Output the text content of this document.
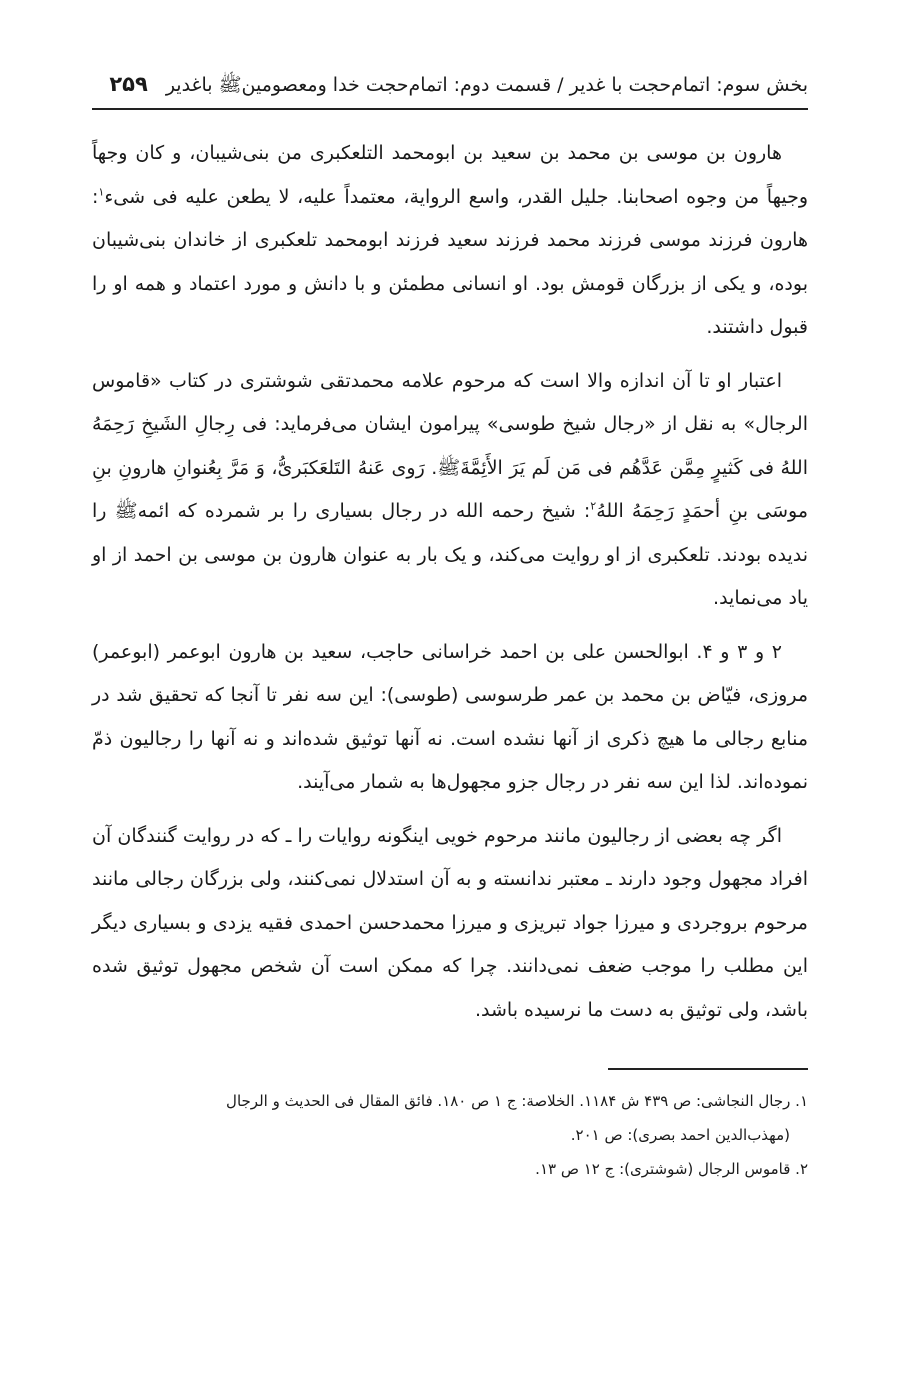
بخش سوم: اتمام‌حجت با غدیر / قسمت دوم: اتمام‌حجت خدا ومعصومین‌ﷺ باغدیر
۲۵۹

هارون بن موسی بن محمد بن سعید بن ابومحمد التلعکبری من بنی‌شیبان، و کان وجهاً وجیهاً من وجوه اصحابنا. جلیل القدر، واسع الروایة، معتمداً علیه، لا یطعن علیه فی شیء$^۱$: هارون فرزند موسی فرزند محمد فرزند سعید فرزند ابومحمد تلعکبری از خاندان بنی‌شیبان بوده، و یکی از بزرگان قومش بود. او انسانی مطمئن و با دانش و مورد اعتماد و همه او را قبول داشتند.

اعتبار او تا آن اندازه والا است که مرحوم علامه محمدتقی شوشتری در کتاب «قاموس الرجال» به نقل از «رجال شیخ طوسی» پیرامون ایشان می‌فرماید: فی رِجالِ الشَیخِ رَحِمَهُ اللهُ فی کَثیرٍ مِمَّن عَدَّهُم فی مَن لَم یَرَ الأَئِمَّةَ‌ﷺ. رَوی عَنهُ التَلعَکبَریُّ، وَ مَرَّ بِعُنوانِ هارونِ بنِ موسَی بنِ أحمَدٍ رَحِمَهُ اللهُ$^۲$: شیخ رحمه الله در رجال بسیاری را بر شمرده که ائمه‌ﷺ را ندیده بودند. تلعکبری از او روایت می‌کند، و یک بار به عنوان هارون بن موسی بن احمد از او یاد می‌نماید.

۲ و ۳ و ۴. ابوالحسن علی بن احمد خراسانی حاجب، سعید بن هارون ابوعمر (ابوعمر) مروزی، فیّاض بن محمد بن عمر طرسوسی (طوسی): این سه نفر تا آنجا که تحقیق شد در منابع رجالی ما هیچ ذکری از آنها نشده است. نه آنها توثیق شده‌اند و نه آنها را رجالیون ذمّ نموده‌اند. لذا این سه نفر در رجال جزو مجهول‌ها به شمار می‌آیند.

اگر چه بعضی از رجالیون مانند مرحوم خویی اینگونه روایات را ـ که در روایت گنندگان آن افراد مجهول وجود دارند ـ معتبر ندانسته و به آن استدلال نمی‌کنند، ولی بزرگان رجالی مانند مرحوم بروجردی و میرزا جواد تبریزی و میرزا محمدحسن احمدی فقیه یزدی و بسیاری دیگر این مطلب را موجب ضعف نمی‌دانند. چرا که ممکن است آن شخص مجهول توثیق شده باشد، ولی توثیق به دست ما نرسیده باشد.

۱. رجال النجاشی: ص ۴۳۹ ش ۱۱۸۴. الخلاصة: ج ۱ ص ۱۸۰. فائق المقال فی الحدیث و الرجال
(مهذب‌الدین احمد بصری): ص ۲۰۱.

۲. قاموس الرجال (شوشتری): ج ۱۲ ص ۱۳.
